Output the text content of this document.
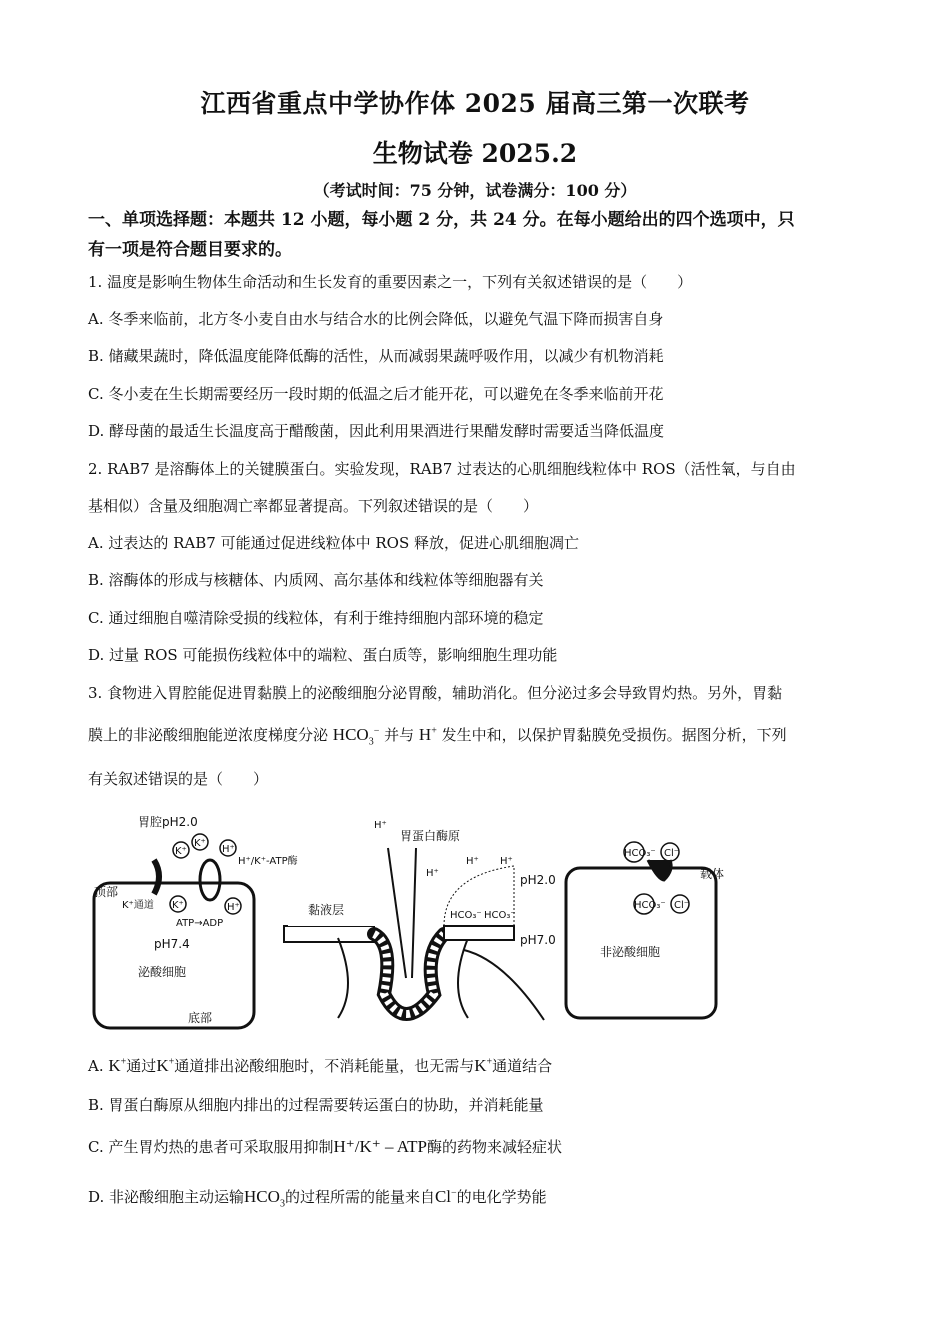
江西省重点中学协作体 2025 届高三第一次联考
生物试卷 2025.2
（考试时间：75 分钟，试卷满分：100 分）
一、单项选择题：本题共 12 小题，每小题 2 分，共 24 分。在每小题给出的四个选项中，只
有一项是符合题目要求的。
1. 温度是影响生物体生命活动和生长发育的重要因素之一，下列有关叙述错误的是（　　）
A. 冬季来临前，北方冬小麦自由水与结合水的比例会降低，以避免气温下降而损害自身
B. 储藏果蔬时，降低温度能降低酶的活性，从而减弱果蔬呼吸作用，以减少有机物消耗
C. 冬小麦在生长期需要经历一段时期的低温之后才能开花，可以避免在冬季来临前开花
D. 酵母菌的最适生长温度高于醋酸菌，因此利用果酒进行果醋发酵时需要适当降低温度
2. RAB7 是溶酶体上的关键膜蛋白。实验发现，RAB7 过表达的心肌细胞线粒体中 ROS（活性氧，与自由
基相似）含量及细胞凋亡率都显著提高。下列叙述错误的是（　　）
A. 过表达的 RAB7 可能通过促进线粒体中 ROS 释放，促进心肌细胞凋亡
B. 溶酶体的形成与核糖体、内质网、高尔基体和线粒体等细胞器有关
C. 通过细胞自噬清除受损的线粒体，有利于维持细胞内部环境的稳定
D. 过量 ROS 可能损伤线粒体中的端粒、蛋白质等，影响细胞生理功能
3. 食物进入胃腔能促进胃黏膜上的泌酸细胞分泌胃酸，辅助消化。但分泌过多会导致胃灼热。另外，胃黏
膜上的非泌酸细胞能逆浓度梯度分泌 $HCO_3^-$ 并与 H+ 发生中和，以保护胃黏膜免受损伤。据图分析，下列
有关叙述错误的是（　　）
胃腔pH2.0
顶部
K⁺通道
ATP→ADP
pH7.4
泌酸细胞
底部
K⁺
K⁺
H⁺
H⁺
K⁺
H⁺/K⁺-ATP酶
黏液层
H⁺
胃蛋白酶原
H⁺
H⁺ H⁺
HCO₃⁻ HCO₃⁻
pH2.0
pH7.0
非泌酸细胞
HCO₃⁻ Cl⁻
载体
HCO₃⁻ Cl⁻
A. K+通过K+通道排出泌酸细胞时，不消耗能量，也无需与K+通道结合
B. 胃蛋白酶原从细胞内排出的过程需要转运蛋白的协助，并消耗能量
C. 产生胃灼热的患者可采取服用抑制H⁺/K⁺ – ATP酶的药物来减轻症状
D. 非泌酸细胞主动运输$HCO_3$的过程所需的能量来自Cl−的电化学势能
